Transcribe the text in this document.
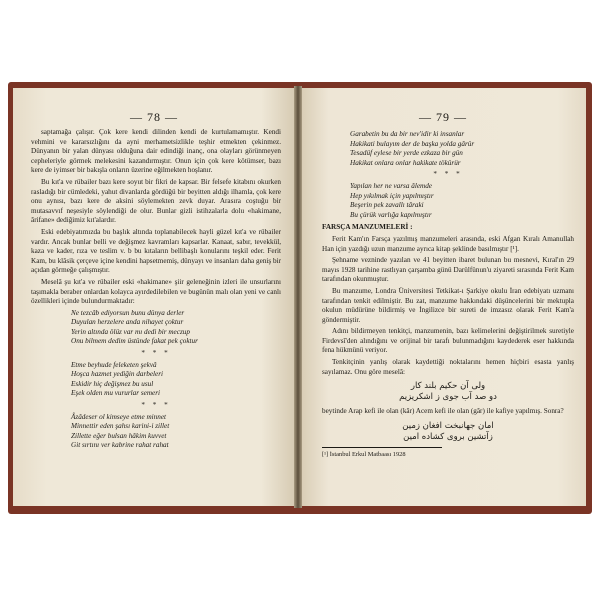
— 78 —

saptamağa çalışır. Çok kere kendi dilinden kendi de kurtulamamıştır. Kendi vehmini ve kararsızlığını da ayni merhametsizlikle teşhir etmekten çekinmez. Dünyanın bir yalan dünyası olduğuna dair edindiği inanç, ona olayları görünmeyen cepheleriyle görmek melekesini kazandırmıştır. Onun için çok kere kötümser, bazı kere de iyimser bir bakışla onların üzerine eğilmekten hoşlanır.

Bu kıt'a ve rübailer bazı kere soyut bir fikri de kapsar. Bir felsefe kitabını okurken rasladığı bir cümledeki, yahut divanlarda gördüğü bir beyitten aldığı ilhamla, çok kere onu aynısı, bazı kere de aksini söylemekten zevk duyar. Arasıra coştuğu bir mutasavvıf neşesiyle söylendiği de olur. Bunlar gizli istihzalarla dolu «hakimane, ârifane» dediğimiz kıt'alardır.

Eski edebiyatımızda bu başlık altında toplanabilecek hayli güzel kıt'a ve rübailer vardır. Ancak bunlar belli ve değişmez kavramları kapsarlar. Kanaat, sabır, tevekkül, kaza ve kader, rıza ve teslim v. b bu kıtaların bellibaşlı konularını teşkil eder. Ferit Kam, bu klâsik çerçeve içine kendini hapsetmemiş, dünyayı ve insanları daha geniş bir açıdan görmeğe çalışmıştır.

Meselâ şu kıt'a ve rübailer eski «hakimane» şiir geleneğinin izleri ile unsurlarını taşımakla beraber onlardan kolayca ayırdedilebilen ve bugünün malı olan yeni ve canlı özellikleri içinde bulundurmaktadır:

Ne tezcâb ediyorsun bunu dünya derler
Duyulan herzelere anda nihayet çoktur
Yerin altında ölüz var mı dedi bir meczup
Onu bilmem dedim üstünde fakat pek çoktur
* * *
Etme beyhude feleketen şekvâ
Hoşca hazmet yediğin darbeleri
Eskidir hiç değişmez bu usul
Eşek olden mu vururlar semeri
* * *
Âzâdeser ol kimseye etme minnet
Minnettir eden şahsı karini-i zillet
Zillette eğer bulsan hâkim kuvvet
Git sırtını ver kabrine rahat rahat
— 79 —
Garabetin bu da bir nev'idir ki insanlar
Hakikati bulayım der de başka yolda gârür
Tesadüf eylese bir yerde ezkaza bir gün
Hakikat onlara onlar hakikate tökürür
* * *
Yapılan her ne varsa âlemde
Hep yıkılmak için yapılmıştır
Beşerin pek zavallı târaki
Bu çürük varlığa kapılmıştır
FARSÇA MANZUMELERİ :

Ferit Kam'ın Farsça yazılmış manzumeleri arasında, eski Afgan Kıralı Amanullah Han için yazdığı uzun manzume ayrıca kitap şeklinde basılmıştır [¹].

Şehname vezninde yazılan ve 41 beyitten ibaret bulunan bu mesnevi, Kıral'ın 29 mayıs 1928 tarihine rastlıyan çarşamba günü Darülfünun'u ziyareti sırasında Ferit Kam tarafından okunmuştur.

Bu manzume, Londra Üniversitesi Tetkikat-ı Şarkiye okulu İran edebiyatı uzmanı tarafından tenkit edilmiştir. Bu zat, manzume hakkındaki düşüncelerini bir mektupla okulun müdürüne bildirmiş ve İngilizce bir sureti de imzasız olarak Ferit Kam'a göndermiştir.

Adını bildirmeyen tenkitçi, manzumenin, bazı kelimelerini değiştirilmek suretiyle Firdevsî'den alındığını ve orijinal bir tarafı bulunmadığını kaydederek eser hakkında fena hükmünü veriyor.

Tenkitçinin yanlış olarak kaydettiği noktalarını hemen hiçbiri esasta yanlış sayılamaz. Onu göre meselâ:

ولی آن حکیم بلند کار
دو صد آب جوی ز اشکریزیم

beytinde Arap kefi ile olan (kâr) Acem kefi ile olan (gâr) ile kafiye yapılmış. Sonra?

امان جهانبخت افغان زمین
زآتشین بروی کشاده امین
[¹] İstanbul Erkul Matbaası 1928
